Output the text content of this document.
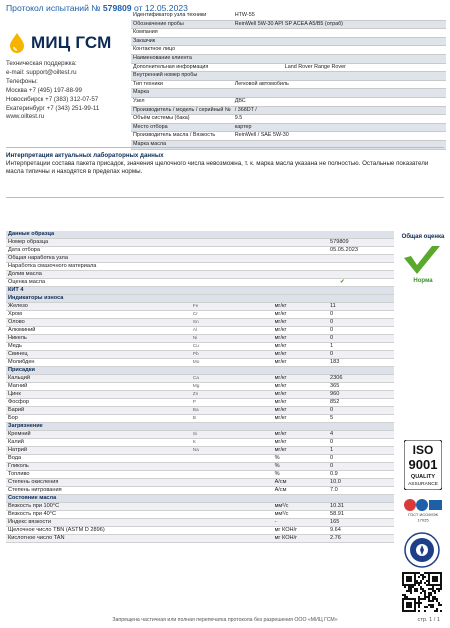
Протокол испытаний № 579809 от 12.05.2023
МИЦ ГСМ
Техническая поддержка:
e-mail: support@oiltest.ru
Телефоны:
Москва +7 (495) 197-88-99
Новосибирск +7 (383) 312-07-57
Екатеринбург +7 (343) 251-99-11
www.oiltest.ru
Идентификатор узла техники	HTW-55
Обозначение пробы	ReinWell 5W-30 API SP ACEA A5/B5 (отраб)
Компания	
Заказчик	
Контактное лицо	
Наименование клиента	
Дополнительная информация	Land Rover Range Rover
Внутренний номер пробы	
Тип техники	Легковой автомобиль
Марка	
Узел	ДВС
Производитель / модель / серийный №	/ 368DT /
Объём системы (бака)	9.5
Место отбора	картер
Производитель масла / Вязкость	ReinWell / SAE 5W-30
Марка масла	
Интерпретация актуальных лабораторных данных
Интерпретации состава пакета присадок, значения щелочного числа невозможна, т. к. марка масла указана не полностью. Остальные показатели масла типичны и находятся в пределах нормы.
Данные образца			
Номер образца			579809
Дата отбора			05.05.2023
Общая наработка узла			
Наработка смазочного материала			
Долив масла			
Оценка масла			✔
КИТ 4			
Индикаторы износа			
Железо	Fe	мг/кг	11
Хром	Cr	мг/кг	0
Олово	Sn	мг/кг	0
Алюминий	Al	мг/кг	0
Никель	Ni	мг/кг	0
Медь	Cu	мг/кг	1
Свинец	Pb	мг/кг	0
Молибден	Mo	мг/кг	183
Присадки			
Кальций	Ca	мг/кг	2306
Магний	Mg	мг/кг	365
Цинк	Zn	мг/кг	960
Фосфор	P	мг/кг	852
Барий	Ba	мг/кг	0
Бор	B	мг/кг	5
Загрязнение			
Кремний	Si	мг/кг	4
Калий	K	мг/кг	0
Натрий	Na	мг/кг	1
Вода		%	0
Гликоль		%	0
Топливо		%	0.9
Степень окисления		А/см	10.0
Степень нитрования		А/см	7.0
Состояние масла			
Вязкость при 100°С		мм²/с	10.31
Вязкость при 40°С		мм²/с	58.91
Индекс вязкости		-	165
Щелочное число TBN (ASTM D 2896)		мг КОН/г	9.64
Кислотное число TAN		мг КОН/г	2.76
Общая оценка
Норма
ISO
9001
QUALITY
ASSURANCE
ГОСТ ИСО/МЭК
17025
Запрещена частичная или полная перепечатка протокола без разрешения ООО «МИЦ ГСМ»	стр. 1 / 1
